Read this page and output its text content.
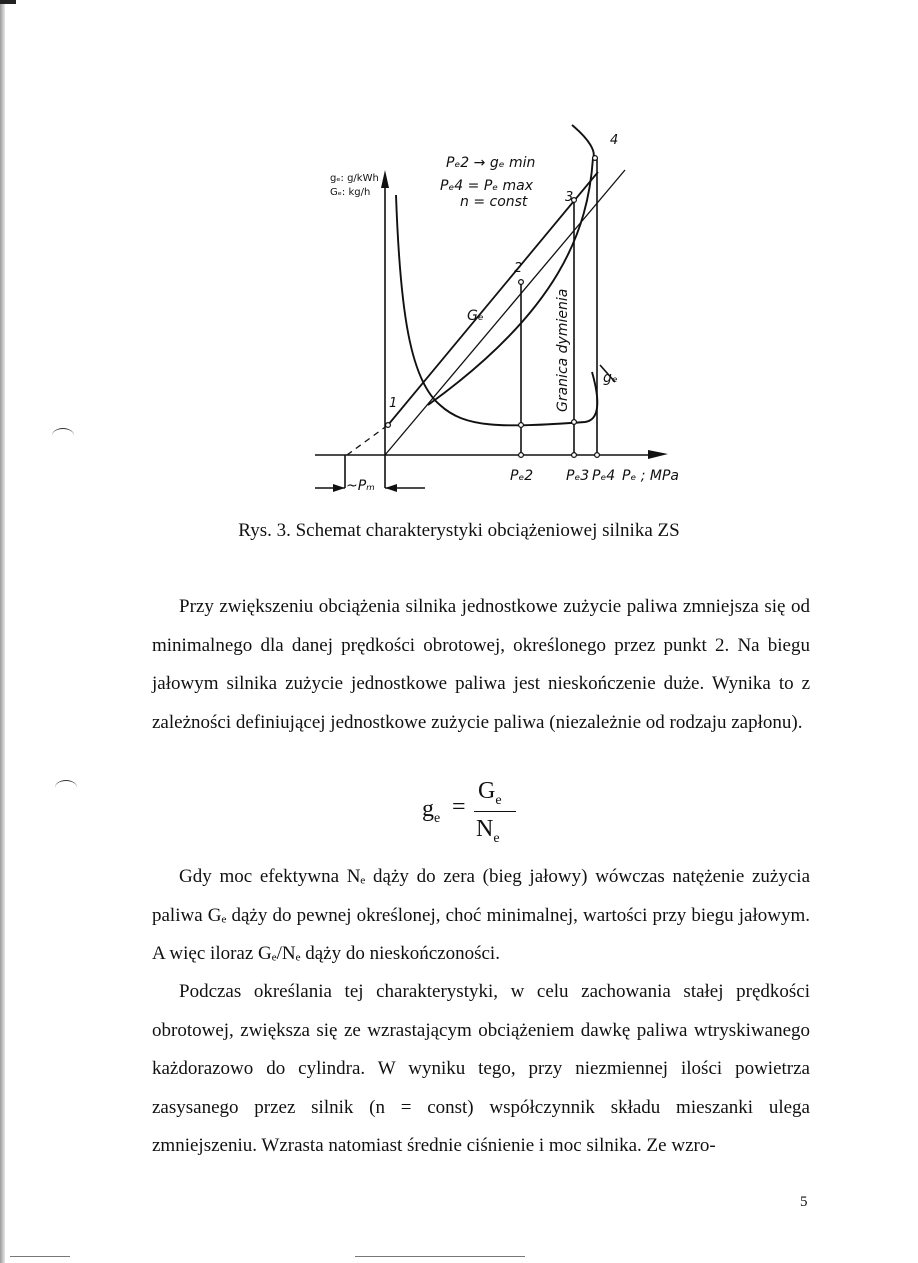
gₑ: g/kWh
Gₑ: kg/h
Pₑ2 → gₑ min
Pₑ4 = Pₑ max
n = const
Gₑ
gₑ
Granica dymienia
1
2
3
4
Pₑ2 Pₑ3 Pₑ4 Pₑ ; MPa
~Pₘ
Rys. 3. Schemat charakterystyki obciążeniowej silnika ZS
Przy zwiększeniu obciążenia silnika jednostkowe zużycie paliwa zmniejsza się od minimalnego dla danej prędkości obrotowej, określonego przez punkt 2. Na biegu jałowym silnika zużycie jednostkowe paliwa jest nieskończenie duże. Wynika to z zależności definiującej jednostkowe zużycie paliwa (niezależnie od rodzaju zapłonu).
$g_e$ =
$G_e$
$N_e$
Gdy moc efektywna Nₑ dąży do zera (bieg jałowy) wówczas natężenie zużycia paliwa Gₑ dąży do pewnej określonej, choć minimalnej, wartości przy biegu jałowym. A więc iloraz Gₑ/Nₑ dąży do nieskończoności.
Podczas określania tej charakterystyki, w celu zachowania stałej prędkości obrotowej, zwiększa się ze wzrastającym obciążeniem dawkę paliwa wtryskiwanego każdorazowo do cylindra. W wyniku tego, przy niezmiennej ilości powietrza zasysanego przez silnik (n = const) współczynnik składu mieszanki ulega zmniejszeniu. Wzrasta natomiast średnie ciśnienie i moc silnika. Ze wzro-
5
